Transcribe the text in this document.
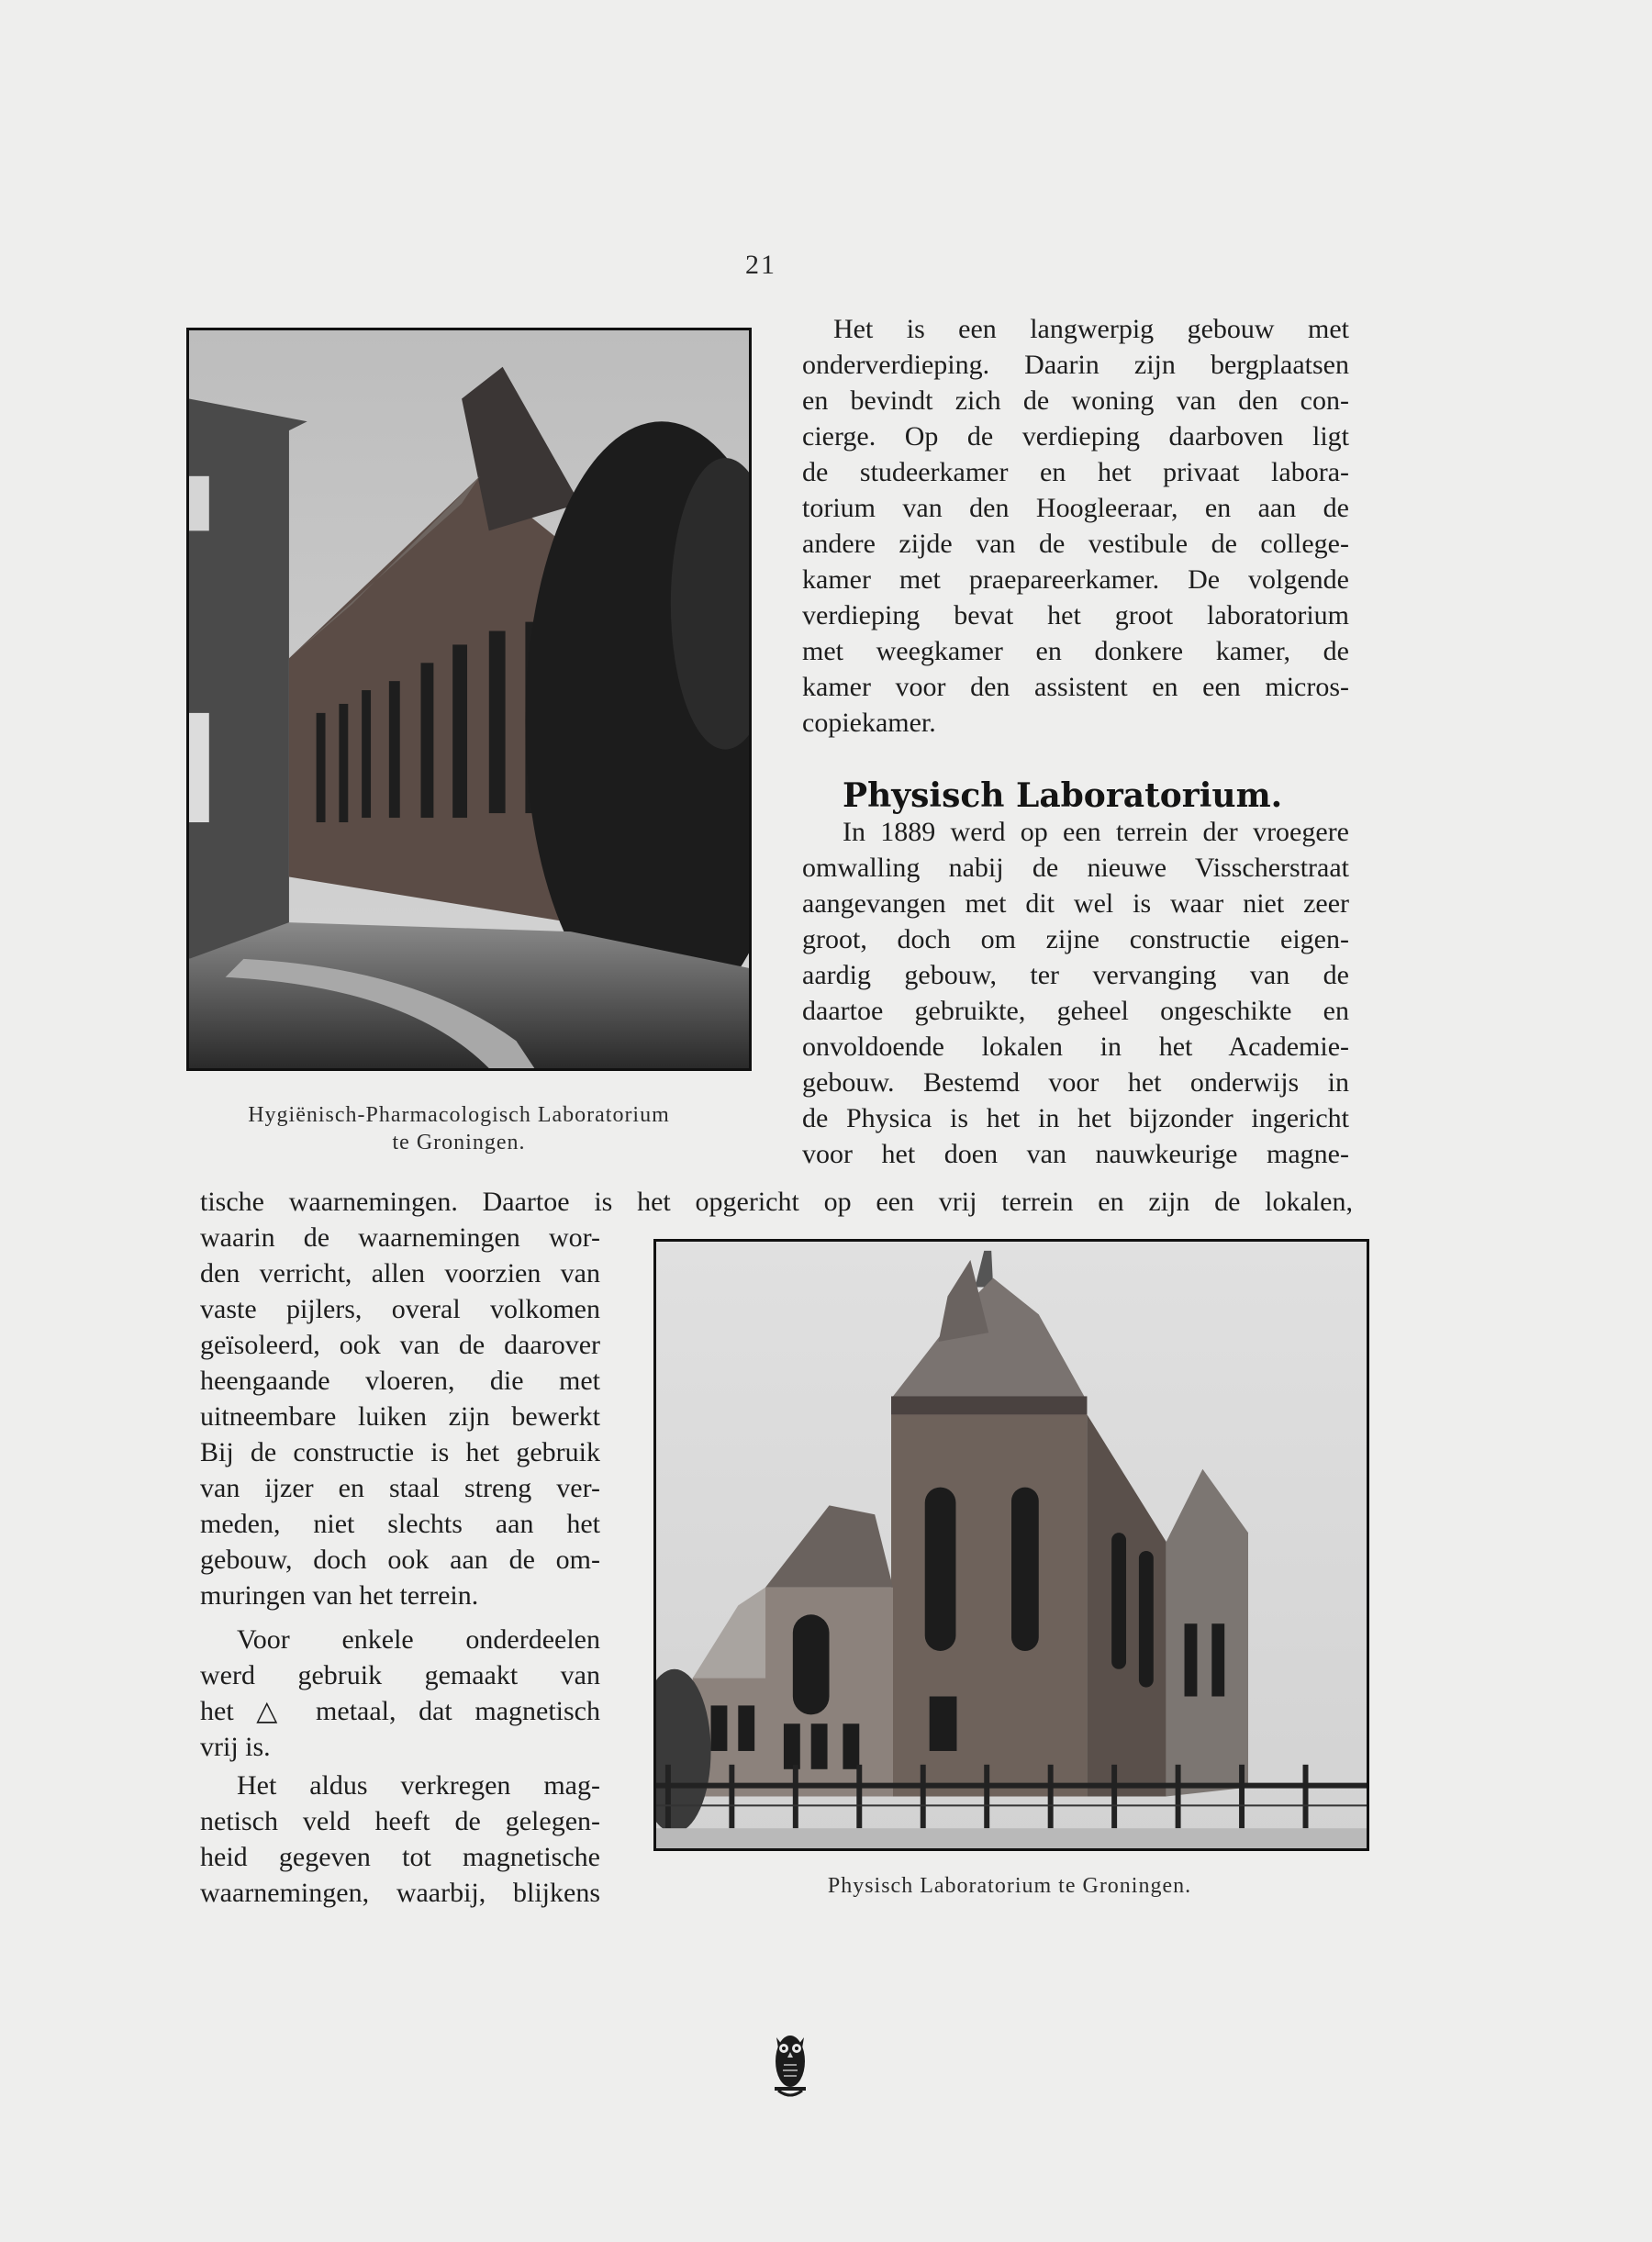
21
Hygiënisch-Pharmacologisch Laboratorium
te Groningen.
Het is een langwerpig gebouw met
onderverdieping. Daarin zijn bergplaatsen
en bevindt zich de woning van den con-
cierge. Op de verdieping daarboven ligt
de studeerkamer en het privaat labora-
torium van den Hoogleeraar, en aan de
andere zijde van de vestibule de college-
kamer met praepareerkamer. De volgende
verdieping bevat het groot laboratorium
met weegkamer en donkere kamer, de
kamer voor den assistent en een micros-
copiekamer.
Physisch Laboratorium.
In 1889 werd op een terrein der vroegere
omwalling nabij de nieuwe Visscherstraat
aangevangen met dit wel is waar niet zeer
groot, doch om zijne constructie eigen-
aardig gebouw, ter vervanging van de
daartoe gebruikte, geheel ongeschikte en
onvoldoende lokalen in het Academie-
gebouw. Bestemd voor het onderwijs in
de Physica is het in het bijzonder ingericht
voor het doen van nauwkeurige magne-
tische waarnemingen. Daartoe is het opgericht op een vrij terrein en zijn de lokalen,
Physisch Laboratorium te Groningen.
waarin de waarnemingen wor-
den verricht, allen voorzien van
vaste pijlers, overal volkomen
geïsoleerd, ook van de daarover
heengaande vloeren, die met
uitneembare luiken zijn bewerkt
Bij de constructie is het gebruik
van ijzer en staal streng ver-
meden, niet slechts aan het
gebouw, doch ook aan de om-
muringen van het terrein.
Voor enkele onderdeelen
werd gebruik gemaakt van
het △ metaal, dat magnetisch
vrij is.
Het aldus verkregen mag-
netisch veld heeft de gelegen-
heid gegeven tot magnetische
waarnemingen, waarbij, blijkens
